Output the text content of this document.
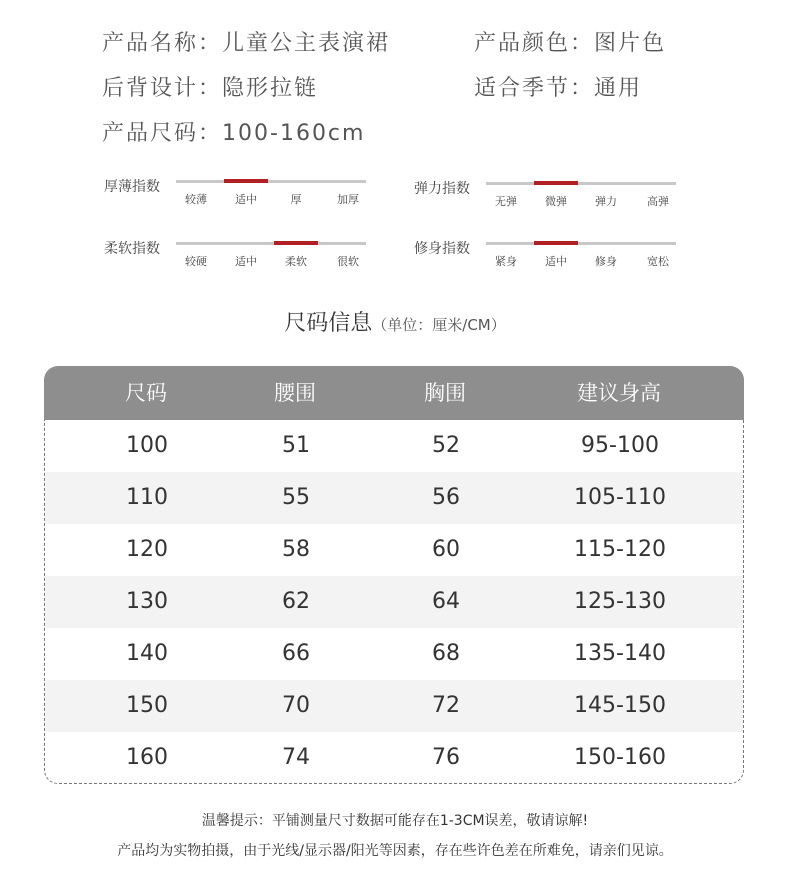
产品名称：儿童公主表演裙	产品颜色：图片色
后背设计：隐形拉链	适合季节：通用
产品尺码：100-160cm
厚薄指数
较薄	适中	厚	加厚
弹力指数
无弹	微弹	弹力	高弹
柔软指数
较硬	适中	柔软	很软
修身指数
紧身	适中	修身	宽松
尺码信息（单位：厘米/CM）
尺码	腰围	胸围	建议身高
100	51	52	95-100
110	55	56	105-110
120	58	60	115-120
130	62	64	125-130
140	66	68	135-140
150	70	72	145-150
160	74	76	150-160
温馨提示：平铺测量尺寸数据可能存在1-3CM误差，敬请谅解!
产品均为实物拍摄，由于光线/显示器/阳光等因素，存在些许色差在所难免，请亲们见谅。
